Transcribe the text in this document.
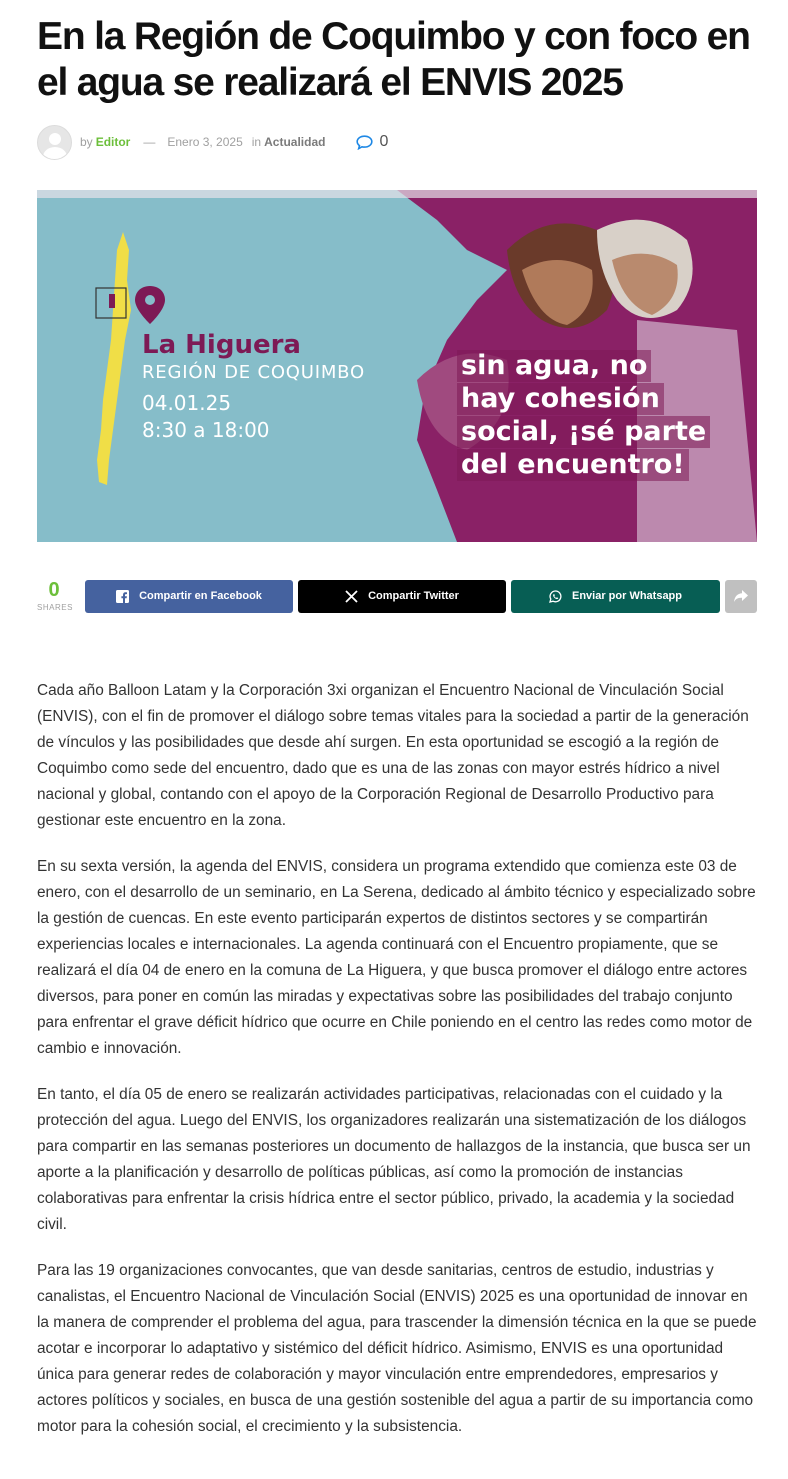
En la Región de Coquimbo y con foco en el agua se realizará el ENVIS 2025
by Editor — Enero 3, 2025 in Actualidad	0
La Higuera
REGIÓN DE COQUIMBO
04.01.25
8:30 a 18:00
sin agua, no
hay cohesión
social, ¡sé parte
del encuentro!
0
SHARES
Compartir en Facebook	Compartir Twitter	Enviar por Whatsapp

Cada año Balloon Latam y la Corporación 3xi organizan el Encuentro Nacional de Vinculación Social (ENVIS), con el fin de promover el diálogo sobre temas vitales para la sociedad a partir de la generación de vínculos y las posibilidades que desde ahí surgen. En esta oportunidad se escogió a la región de Coquimbo como sede del encuentro, dado que es una de las zonas con mayor estrés hídrico a nivel nacional y global, contando con el apoyo de la Corporación Regional de Desarrollo Productivo para gestionar este encuentro en la zona.

En su sexta versión, la agenda del ENVIS, considera un programa extendido que comienza este 03 de enero, con el desarrollo de un seminario, en La Serena, dedicado al ámbito técnico y especializado sobre la gestión de cuencas. En este evento participarán expertos de distintos sectores y se compartirán experiencias locales e internacionales. La agenda continuará con el Encuentro propiamente, que se realizará el día 04 de enero en la comuna de La Higuera, y que busca promover el diálogo entre actores diversos, para poner en común las miradas y expectativas sobre las posibilidades del trabajo conjunto para enfrentar el grave déficit hídrico que ocurre en Chile poniendo en el centro las redes como motor de cambio e innovación.

En tanto, el día 05 de enero se realizarán actividades participativas, relacionadas con el cuidado y la protección del agua. Luego del ENVIS, los organizadores realizarán una sistematización de los diálogos para compartir en las semanas posteriores un documento de hallazgos de la instancia, que busca ser un aporte a la planificación y desarrollo de políticas públicas, así como la promoción de instancias colaborativas para enfrentar la crisis hídrica entre el sector público, privado, la academia y la sociedad civil.

Para las 19 organizaciones convocantes, que van desde sanitarias, centros de estudio, industrias y canalistas, el Encuentro Nacional de Vinculación Social (ENVIS) 2025 es una oportunidad de innovar en la manera de comprender el problema del agua, para trascender la dimensión técnica en la que se puede acotar e incorporar lo adaptativo y sistémico del déficit hídrico. Asimismo, ENVIS es una oportunidad única para generar redes de colaboración y mayor vinculación entre emprendedores, empresarios y actores políticos y sociales, en busca de una gestión sostenible del agua a partir de su importancia como motor para la cohesión social, el crecimiento y la subsistencia.
